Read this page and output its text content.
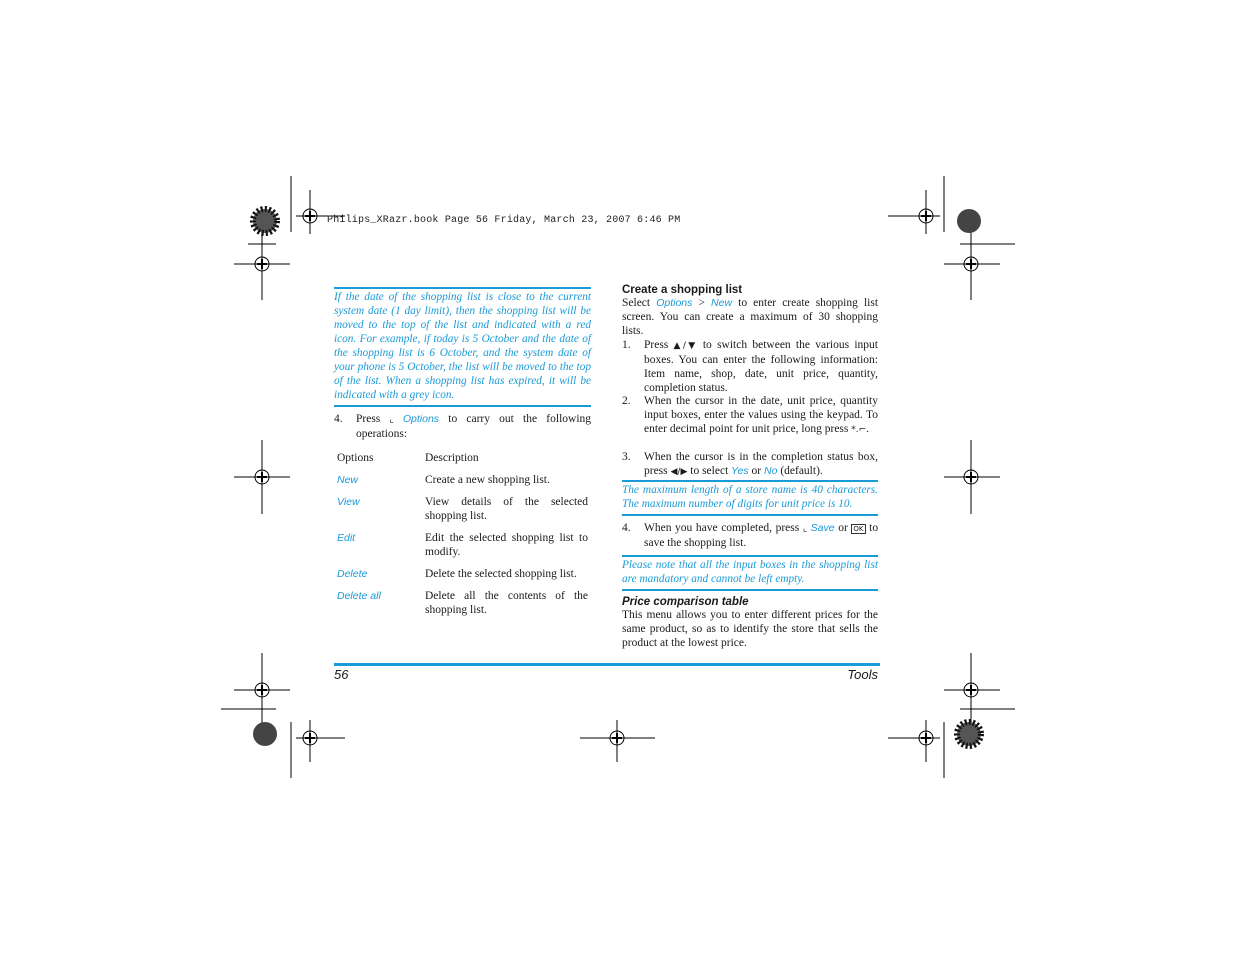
Philips_XRazr.book Page 56 Friday, March 23, 2007 6:46 PM
If the date of the shopping list is close to the current system date (1 day limit), then the shopping list will be moved to the top of the list and indicated with a red icon. For example, if today is 5 October and the date of the shopping list is 6 October, and the system date of your phone is 5 October, the list will be moved to the top of the list. When a shopping list has expired, it will be indicated with a grey icon.
4.	Press ⌞ Options to carry out the following operations:
Options	Description
New	Create a new shopping list.
View	View details of the selected shopping list.
Edit	Edit the selected shopping list to modify.
Delete	Delete the selected shopping list.
Delete all	Delete all the contents of the shopping list.
Create a shopping list
Select Options > New to enter create shopping list screen. You can create a maximum of 30 shopping lists.
1.	Press ▲/▼ to switch between the various input boxes. You can enter the following information: Item name, shop, date, unit price, quantity, completion status.
2.	When the cursor in the date, unit price, quantity input boxes, enter the values using the keypad. To enter decimal point for unit price, long press *.⌐.
3.	When the cursor is in the completion status box, press ◀/▶ to select Yes or No (default).
The maximum length of a store name is 40 characters. The maximum number of digits for unit price is 10.
4.	When you have completed, press ⌞ Save or OK to save the shopping list.
Please note that all the input boxes in the shopping list are mandatory and cannot be left empty.
Price comparison table
This menu allows you to enter different prices for the same product, so as to identify the store that sells the product at the lowest price.
56	Tools
